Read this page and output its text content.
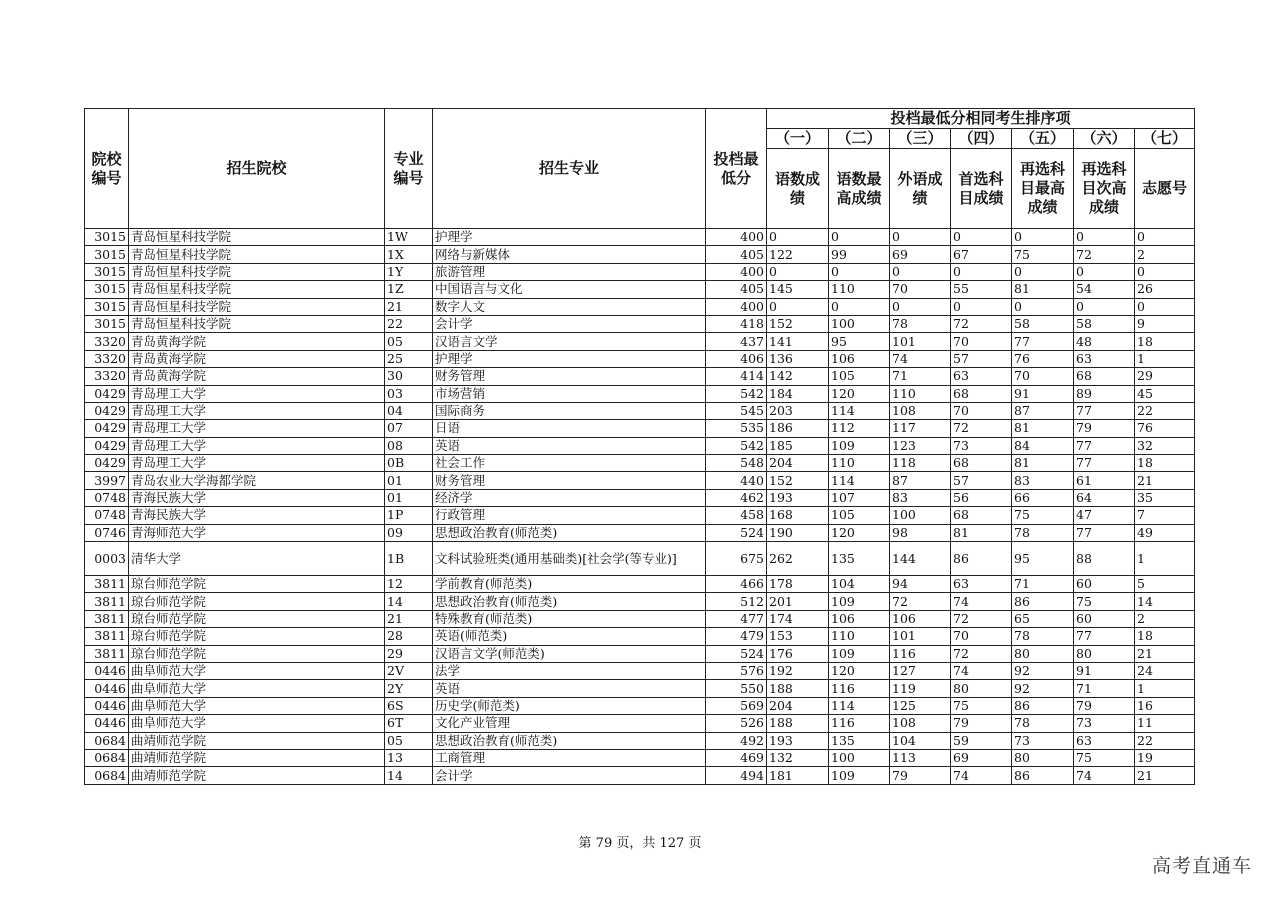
院校编号	招生院校	专业编号	招生专业	投档最低分	投档最低分相同考生排序项						
					（一）	（二）	（三）	（四）	（五）	（六）	（七）
					语数成绩	语数最高成绩	外语成绩	首选科目成绩	再选科目最高成绩	再选科目次高成绩	志愿号
3015	青岛恒星科技学院	1W	护理学	400	0	0	0	0	0	0	0
3015	青岛恒星科技学院	1X	网络与新媒体	405	122	99	69	67	75	72	2
3015	青岛恒星科技学院	1Y	旅游管理	400	0	0	0	0	0	0	0
3015	青岛恒星科技学院	1Z	中国语言与文化	405	145	110	70	55	81	54	26
3015	青岛恒星科技学院	21	数字人文	400	0	0	0	0	0	0	0
3015	青岛恒星科技学院	22	会计学	418	152	100	78	72	58	58	9
3320	青岛黄海学院	05	汉语言文学	437	141	95	101	70	77	48	18
3320	青岛黄海学院	25	护理学	406	136	106	74	57	76	63	1
3320	青岛黄海学院	30	财务管理	414	142	105	71	63	70	68	29
0429	青岛理工大学	03	市场营销	542	184	120	110	68	91	89	45
0429	青岛理工大学	04	国际商务	545	203	114	108	70	87	77	22
0429	青岛理工大学	07	日语	535	186	112	117	72	81	79	76
0429	青岛理工大学	08	英语	542	185	109	123	73	84	77	32
0429	青岛理工大学	0B	社会工作	548	204	110	118	68	81	77	18
3997	青岛农业大学海都学院	01	财务管理	440	152	114	87	57	83	61	21
0748	青海民族大学	01	经济学	462	193	107	83	56	66	64	35
0748	青海民族大学	1P	行政管理	458	168	105	100	68	75	47	7
0746	青海师范大学	09	思想政治教育(师范类)	524	190	120	98	81	78	77	49
0003	清华大学	1B	文科试验班类(通用基础类)[社会学(等专业)]	675	262	135	144	86	95	88	1
3811	琼台师范学院	12	学前教育(师范类)	466	178	104	94	63	71	60	5
3811	琼台师范学院	14	思想政治教育(师范类)	512	201	109	72	74	86	75	14
3811	琼台师范学院	21	特殊教育(师范类)	477	174	106	106	72	65	60	2
3811	琼台师范学院	28	英语(师范类)	479	153	110	101	70	78	77	18
3811	琼台师范学院	29	汉语言文学(师范类)	524	176	109	116	72	80	80	21
0446	曲阜师范大学	2V	法学	576	192	120	127	74	92	91	24
0446	曲阜师范大学	2Y	英语	550	188	116	119	80	92	71	1
0446	曲阜师范大学	6S	历史学(师范类)	569	204	114	125	75	86	79	16
0446	曲阜师范大学	6T	文化产业管理	526	188	116	108	79	78	73	11
0684	曲靖师范学院	05	思想政治教育(师范类)	492	193	135	104	59	73	63	22
0684	曲靖师范学院	13	工商管理	469	132	100	113	69	80	75	19
0684	曲靖师范学院	14	会计学	494	181	109	79	74	86	74	21
第 79 页，共 127 页
高考直通车
